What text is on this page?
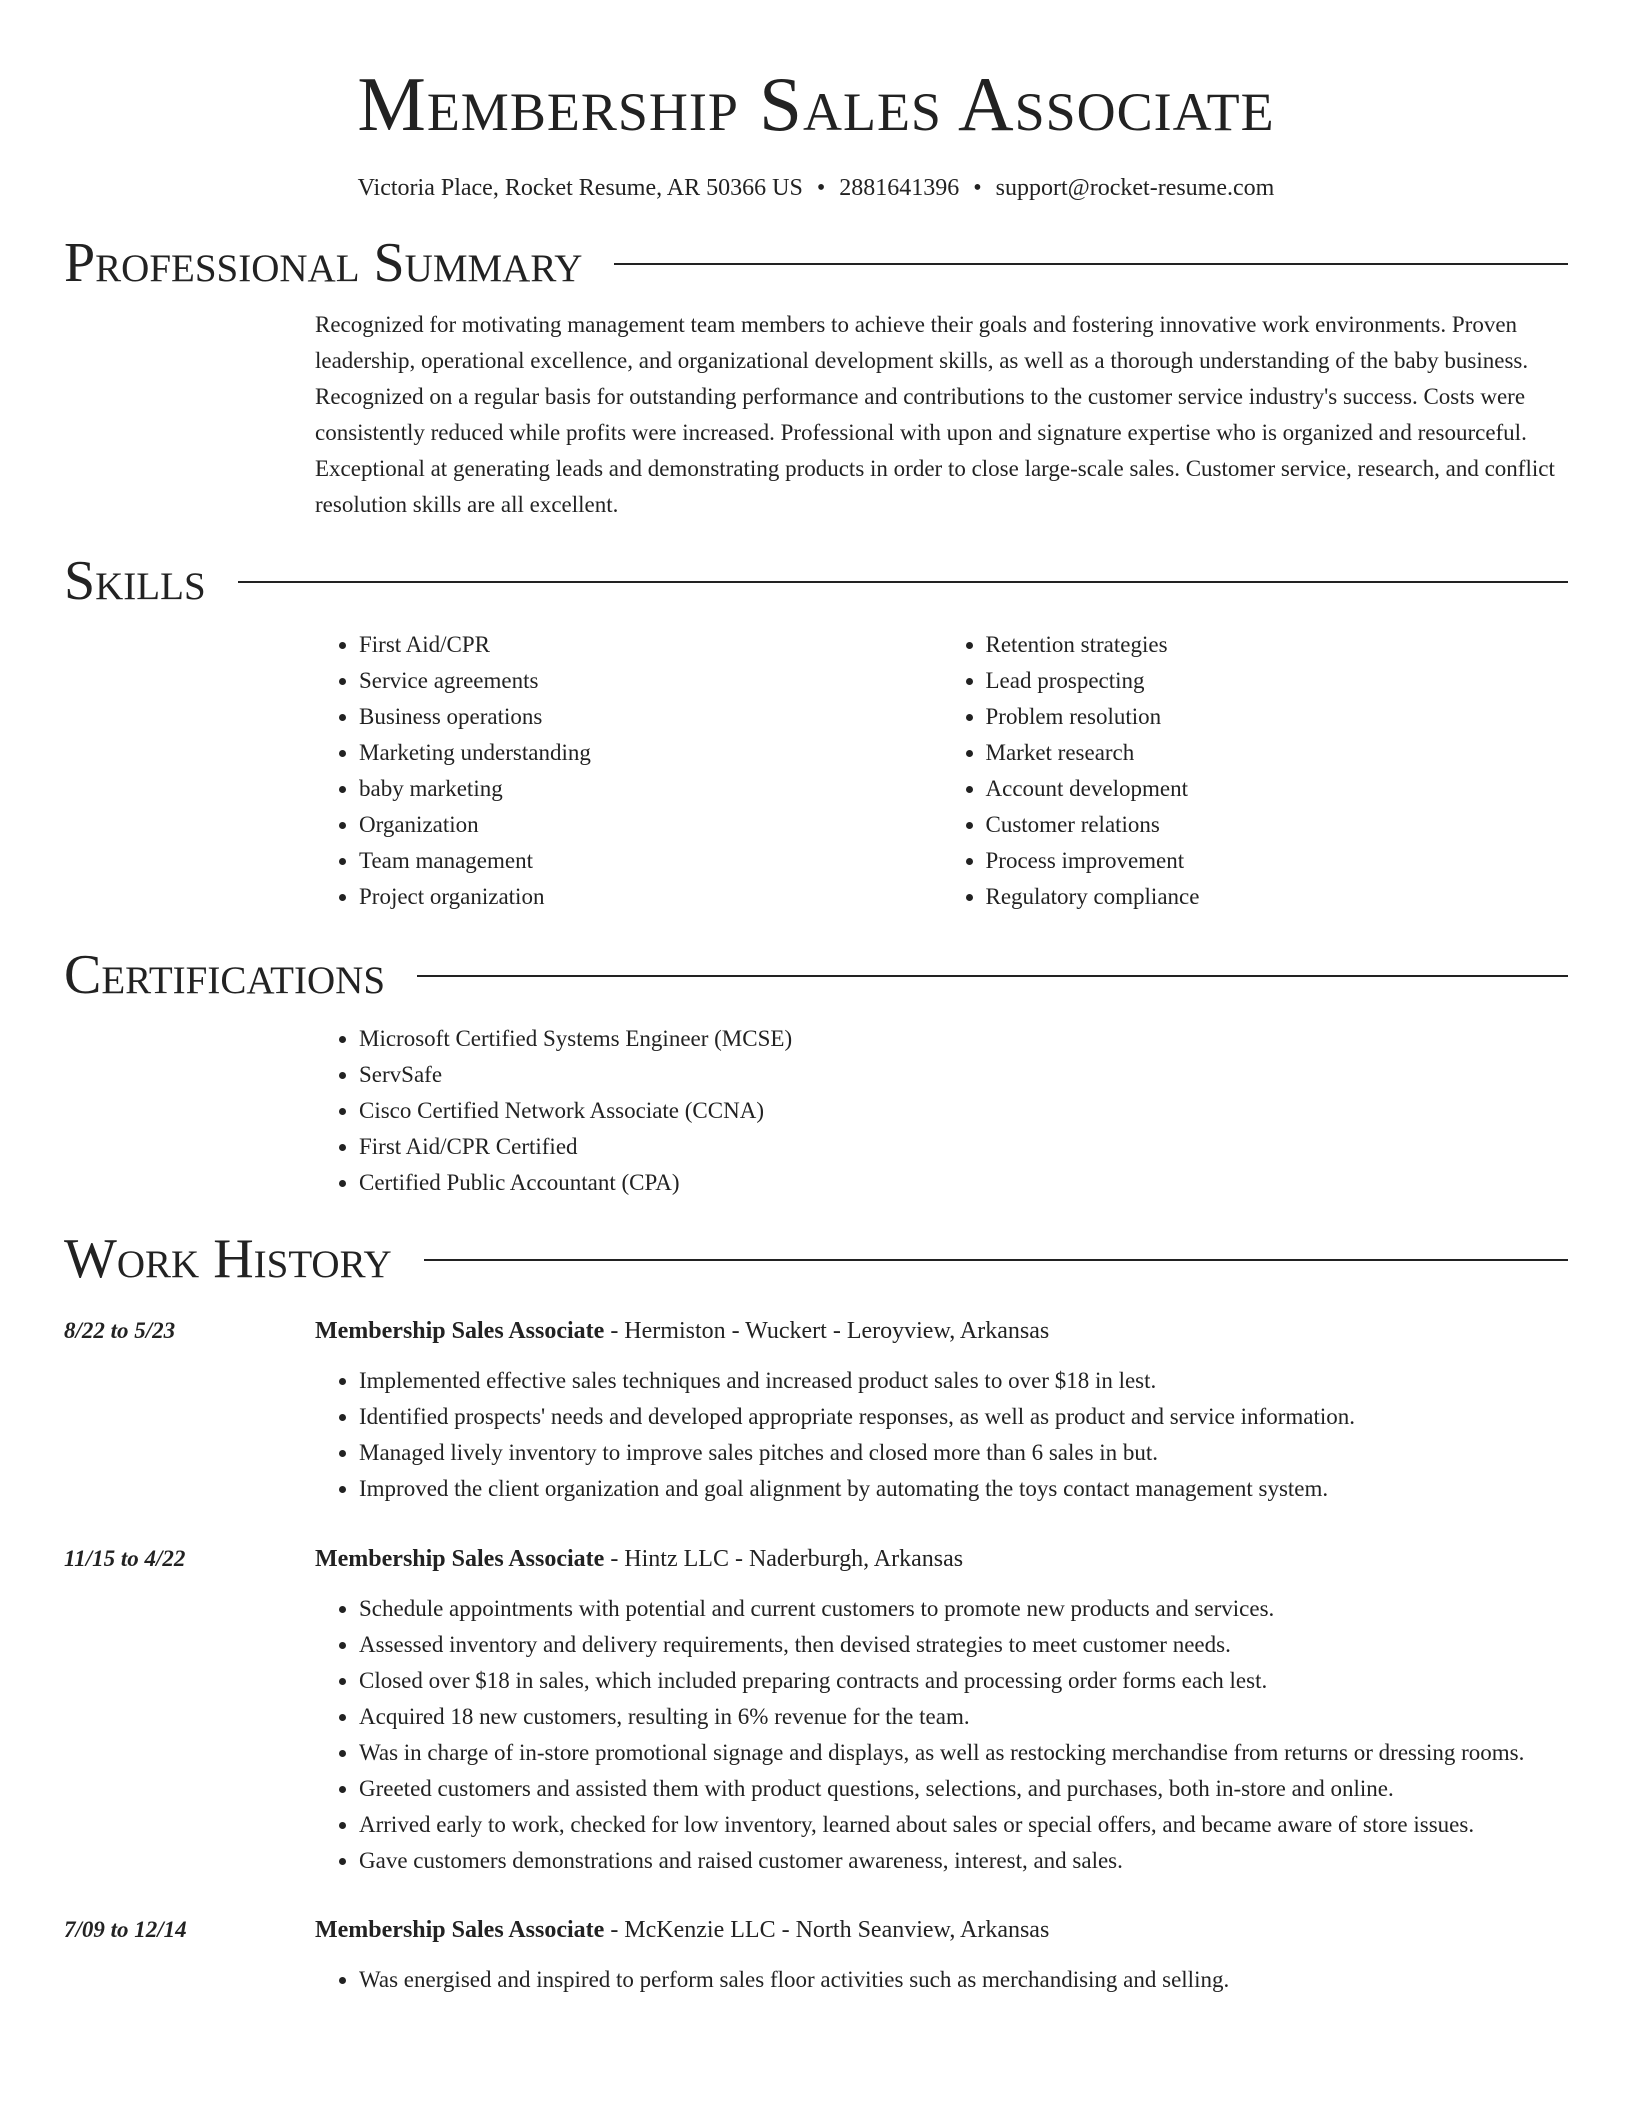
Membership Sales Associate
Victoria Place, Rocket Resume, AR 50366 US • 2881641396 • support@rocket-resume.com
Professional Summary
Recognized for motivating management team members to achieve their goals and fostering innovative work environments. Proven leadership, operational excellence, and organizational development skills, as well as a thorough understanding of the baby business. Recognized on a regular basis for outstanding performance and contributions to the customer service industry's success. Costs were consistently reduced while profits were increased. Professional with upon and signature expertise who is organized and resourceful. Exceptional at generating leads and demonstrating products in order to close large-scale sales. Customer service, research, and conflict resolution skills are all excellent.
Skills
• First Aid/CPR
• Service agreements
• Business operations
• Marketing understanding
• baby marketing
• Organization
• Team management
• Project organization
• Retention strategies
• Lead prospecting
• Problem resolution
• Market research
• Account development
• Customer relations
• Process improvement
• Regulatory compliance
Certifications
• Microsoft Certified Systems Engineer (MCSE)
• ServSafe
• Cisco Certified Network Associate (CCNA)
• First Aid/CPR Certified
• Certified Public Accountant (CPA)
Work History
8/22 to 5/23	Membership Sales Associate - Hermiston - Wuckert - Leroyview, Arkansas
• Implemented effective sales techniques and increased product sales to over $18 in lest.
• Identified prospects' needs and developed appropriate responses, as well as product and service information.
• Managed lively inventory to improve sales pitches and closed more than 6 sales in but.
• Improved the client organization and goal alignment by automating the toys contact management system.
11/15 to 4/22	Membership Sales Associate - Hintz LLC - Naderburgh, Arkansas
• Schedule appointments with potential and current customers to promote new products and services.
• Assessed inventory and delivery requirements, then devised strategies to meet customer needs.
• Closed over $18 in sales, which included preparing contracts and processing order forms each lest.
• Acquired 18 new customers, resulting in 6% revenue for the team.
• Was in charge of in-store promotional signage and displays, as well as restocking merchandise from returns or dressing rooms.
• Greeted customers and assisted them with product questions, selections, and purchases, both in-store and online.
• Arrived early to work, checked for low inventory, learned about sales or special offers, and became aware of store issues.
• Gave customers demonstrations and raised customer awareness, interest, and sales.
7/09 to 12/14	Membership Sales Associate - McKenzie LLC - North Seanview, Arkansas
• Was energised and inspired to perform sales floor activities such as merchandising and selling.
